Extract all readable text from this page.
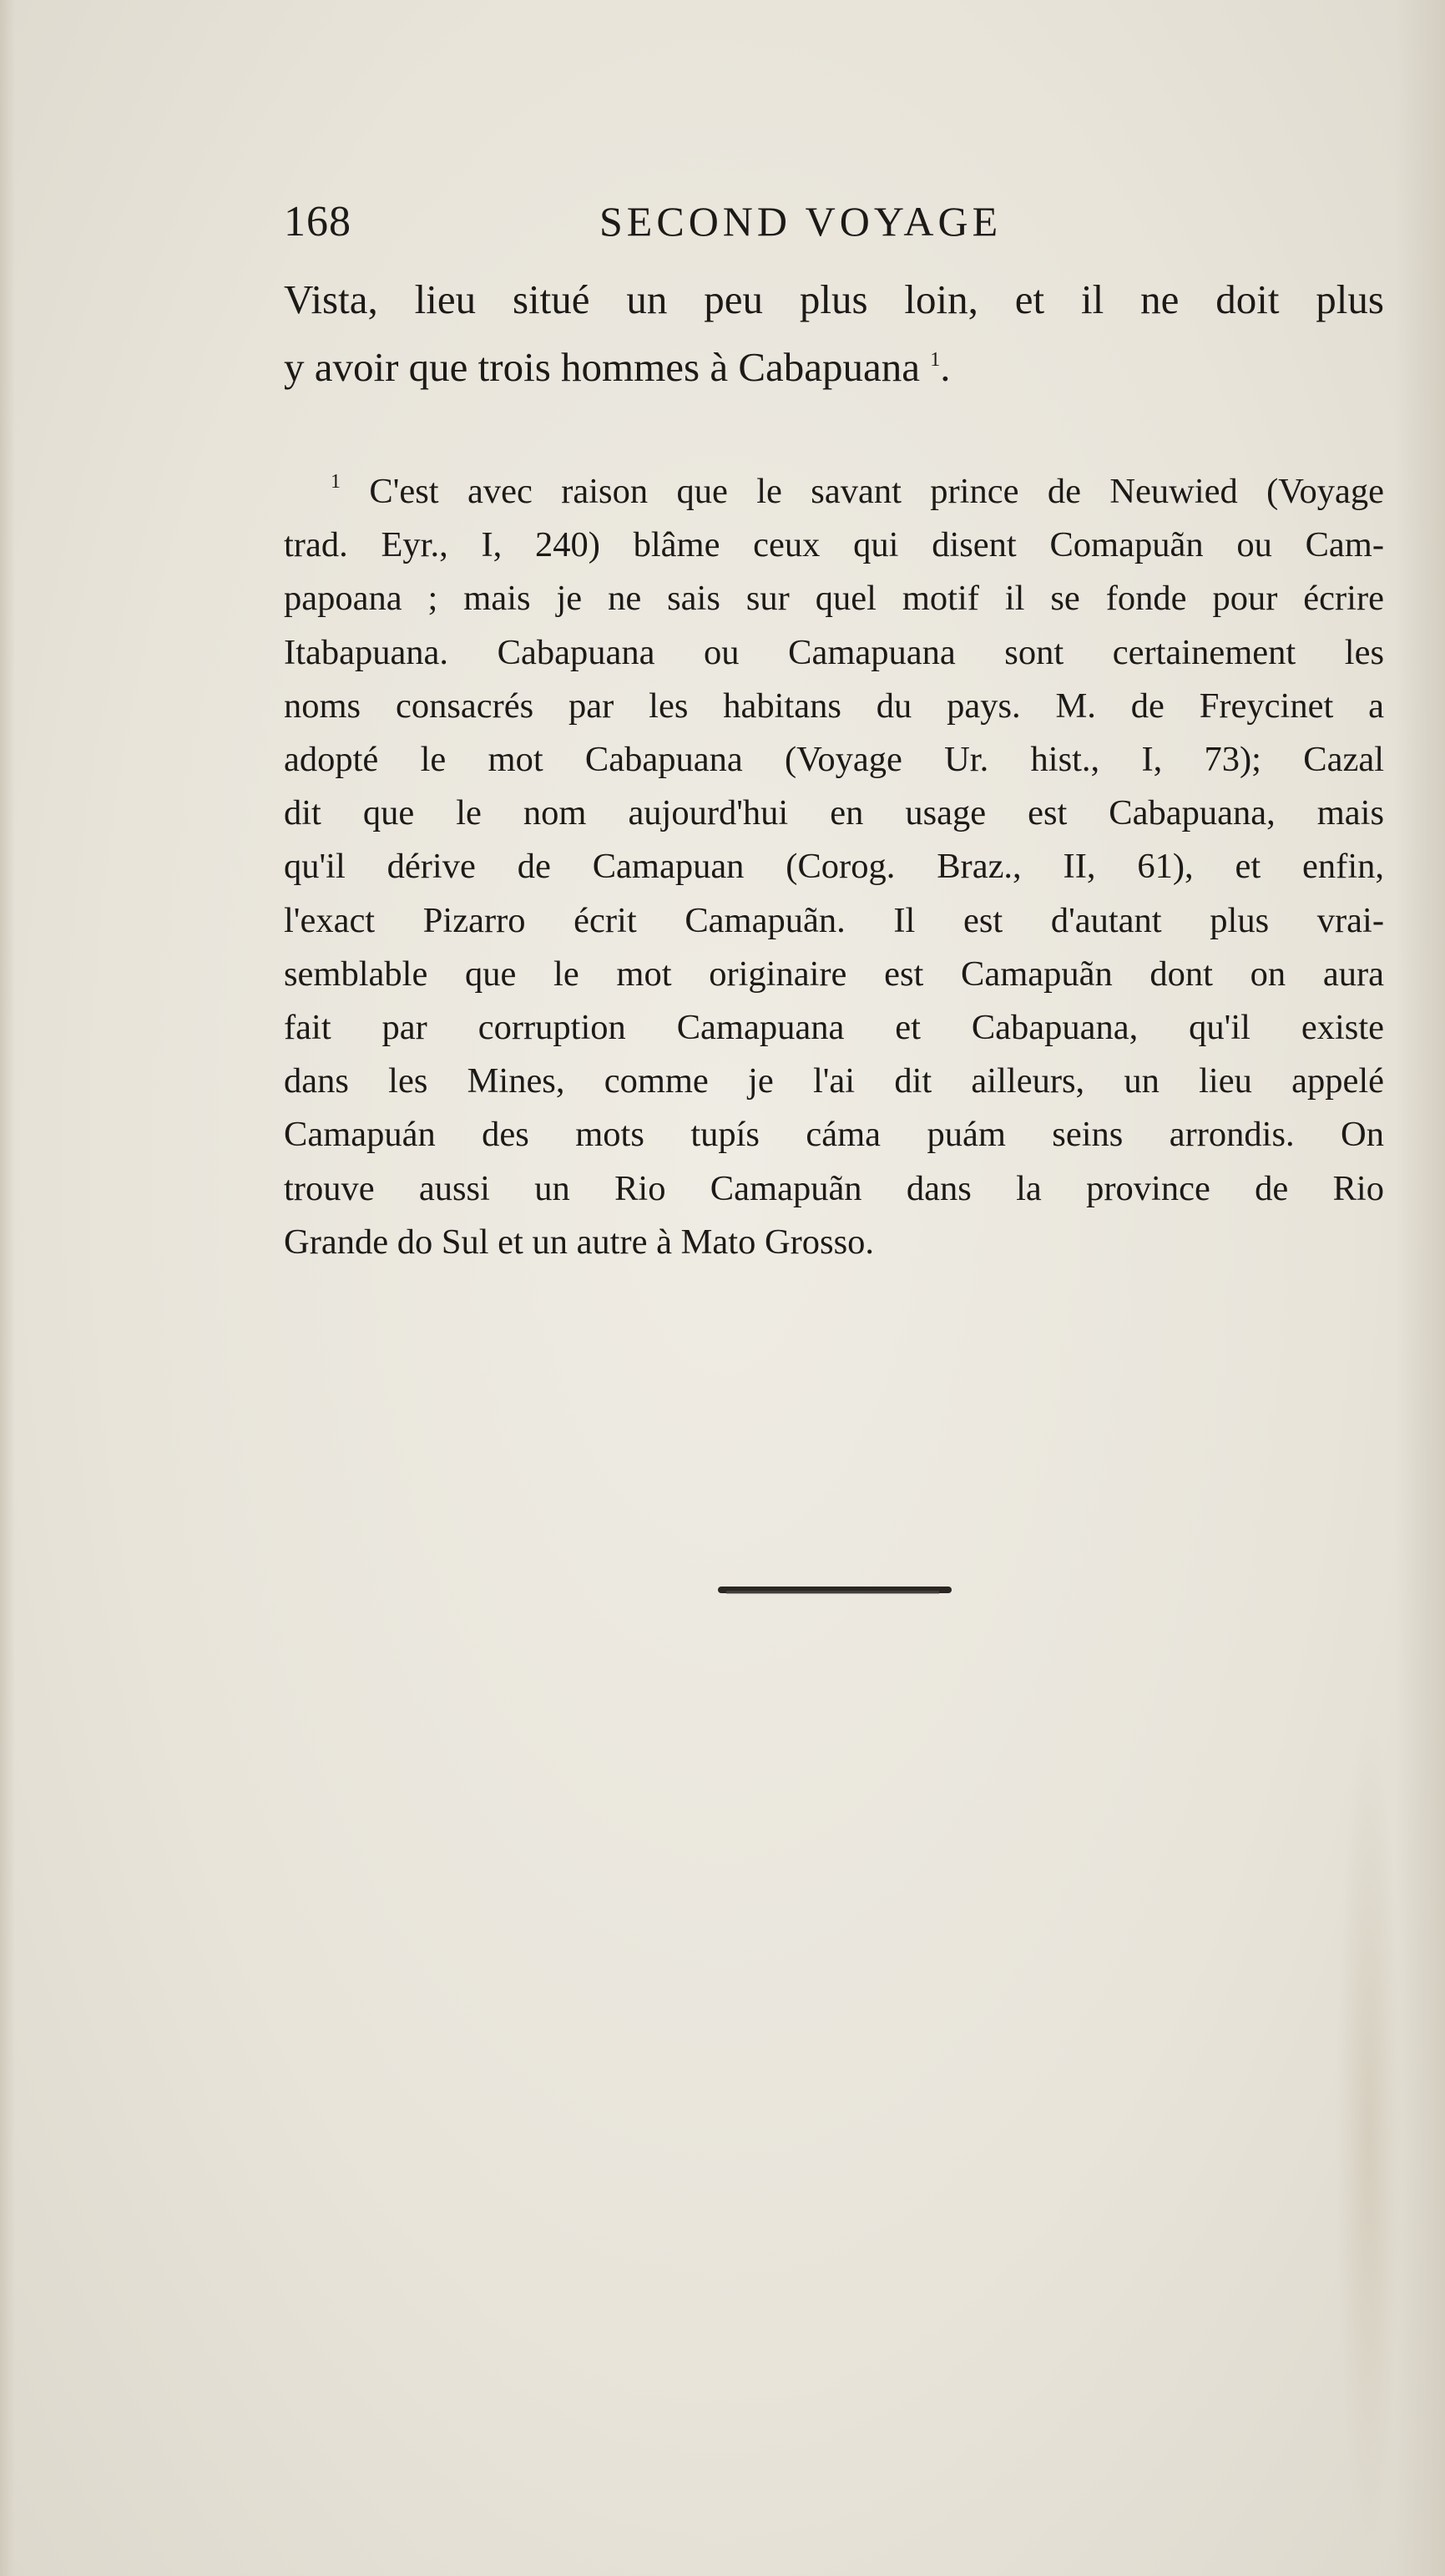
168	SECOND VOYAGE
Vista, lieu situé un peu plus loin, et il ne doit plus
y avoir que trois hommes à Cabapuana $^1$.
$^1$ C'est avec raison que le savant prince de Neuwied (Voyage
trad. Eyr., I, 240) blâme ceux qui disent Comapuãn ou Cam-
papoana ; mais je ne sais sur quel motif il se fonde pour écrire
Itabapuana. Cabapuana ou Camapuana sont certainement les
noms consacrés par les habitans du pays. M. de Freycinet a
adopté le mot Cabapuana (Voyage Ur. hist., I, 73); Cazal
dit que le nom aujourd'hui en usage est Cabapuana, mais
qu'il dérive de Camapuan (Corog. Braz., II, 61), et enfin,
l'exact Pizarro écrit Camapuãn. Il est d'autant plus vrai-
semblable que le mot originaire est Camapuãn dont on aura
fait par corruption Camapuana et Cabapuana, qu'il existe
dans les Mines, comme je l'ai dit ailleurs, un lieu appelé
Camapuán des mots tupís cáma puám seins arrondis. On
trouve aussi un Rio Camapuãn dans la province de Rio
Grande do Sul et un autre à Mato Grosso.
